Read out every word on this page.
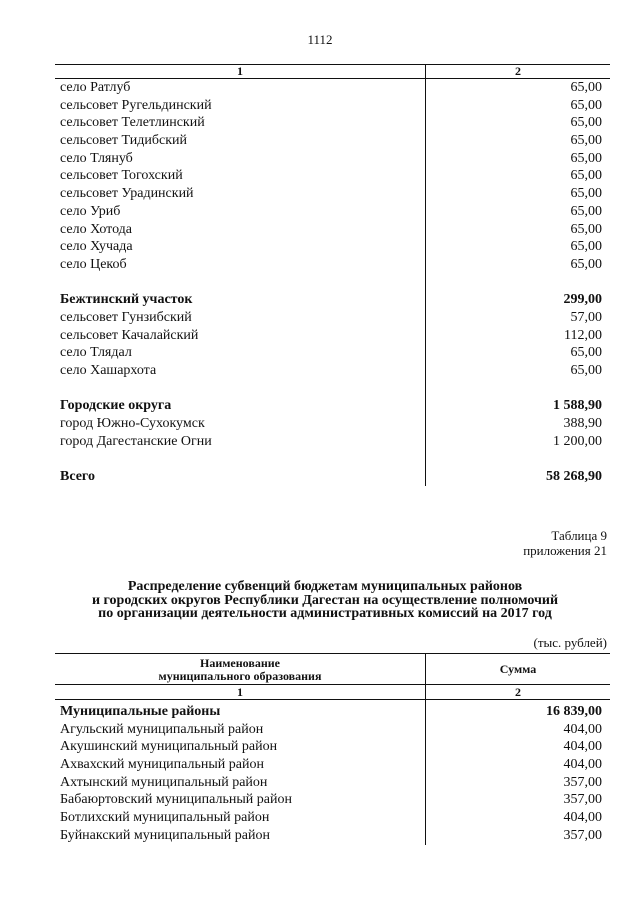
1112
1	2
село Ратлуб	65,00
сельсовет Ругельдинский	65,00
сельсовет Телетлинский	65,00
сельсовет Тидибский	65,00
село Тлянуб	65,00
сельсовет Тогохский	65,00
сельсовет Урадинский	65,00
село Уриб	65,00
село Хотода	65,00
село Хучада	65,00
село Цекоб	65,00
Бежтинский участок	299,00
сельсовет Гунзибский	57,00
сельсовет Качалайский	112,00
село Тлядал	65,00
село Хашархота	65,00
Городские округа	1 588,90
город Южно-Сухокумск	388,90
город Дагестанские Огни	1 200,00
Всего	58 268,90
Таблица 9
приложения 21
Распределение субвенций бюджетам муниципальных районов
и городских округов Республики Дагестан на осуществление полномочий
по организации деятельности административных комиссий на 2017 год
(тыс. рублей)
Наименование
муниципального образования	Сумма
1	2
Муниципальные районы	16 839,00
Агульский муниципальный район	404,00
Акушинский муниципальный район	404,00
Ахвахский муниципальный район	404,00
Ахтынский муниципальный район	357,00
Бабаюртовский муниципальный район	357,00
Ботлихский муниципальный район	404,00
Буйнакский муниципальный район	357,00
